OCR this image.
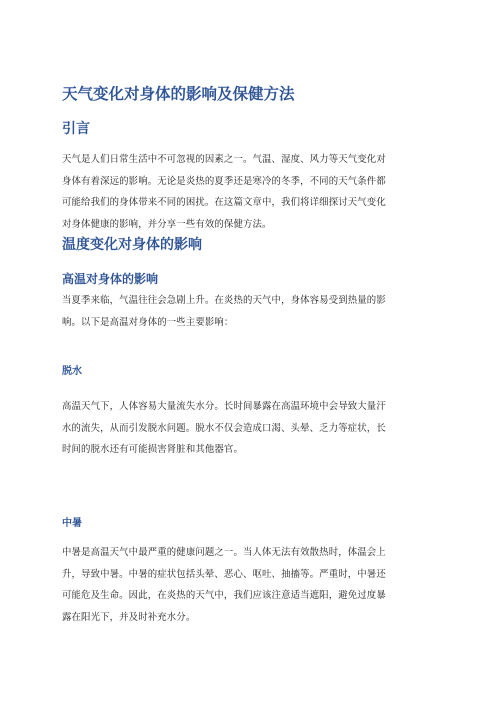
天气变化对身体的影响及保健方法
引言
天气是人们日常生活中不可忽视的因素之一。气温、湿度、风力等天气变化对
身体有着深远的影响。无论是炎热的夏季还是寒冷的冬季，不同的天气条件都
可能给我们的身体带来不同的困扰。在这篇文章中，我们将详细探讨天气变化
对身体健康的影响，并分享一些有效的保健方法。
温度变化对身体的影响
高温对身体的影响
当夏季来临，气温往往会急剧上升。在炎热的天气中，身体容易受到热量的影
响。以下是高温对身体的一些主要影响：
脱水
高温天气下，人体容易大量流失水分。长时间暴露在高温环境中会导致大量汗
水的流失，从而引发脱水问题。脱水不仅会造成口渴、头晕、乏力等症状，长
时间的脱水还有可能损害肾脏和其他器官。
中暑
中暑是高温天气中最严重的健康问题之一。当人体无法有效散热时，体温会上
升，导致中暑。中暑的症状包括头晕、恶心、呕吐、抽搐等。严重时，中暑还
可能危及生命。因此，在炎热的天气中，我们应该注意适当遮阳，避免过度暴
露在阳光下，并及时补充水分。
